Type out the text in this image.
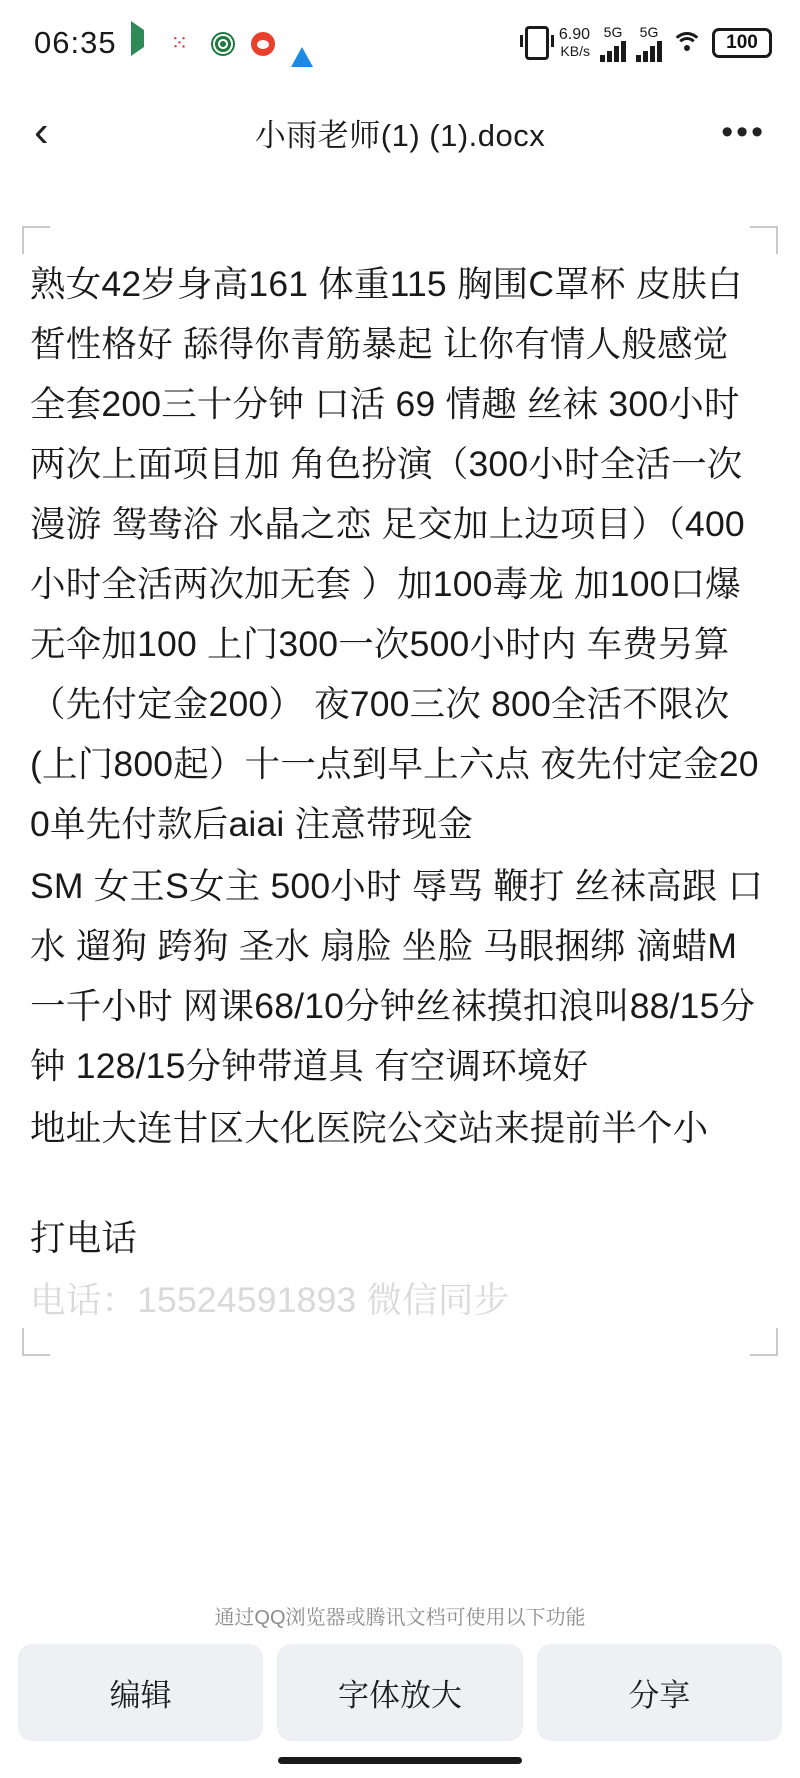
06:35	⁙	6.90
KB/s
5G 5G
100
‹	小雨老师(1) (1).docx	•••

熟女42岁身高161 体重115 胸围C罩杯 皮肤白皙性格好 舔得你青筋暴起 让你有情人般感觉 全套200三十分钟 口活 69 情趣 丝袜 300小时两次上面项目加 角色扮演（300小时全活一次漫游 鸳鸯浴 水晶之恋 足交加上边项目）（400小时全活两次加无套 ）加100毒龙 加100口爆 无伞加100 上门300一次500小时内 车费另算（先付定金200） 夜700三次 800全活不限次(上门800起）十一点到早上六点 夜先付定金200单先付款后aiai 注意带现金

SM 女王S女主 500小时 辱骂 鞭打 丝袜高跟 口水 遛狗 跨狗 圣水 扇脸 坐脸 马眼捆绑 滴蜡M一千小时 网课68/10分钟丝袜摸扣浪叫88/15分钟 128/15分钟带道具 有空调环境好

地址大连甘区大化医院公交站来提前半个小

打电话

电话：15524591893 微信同步

通过QQ浏览器或腾讯文档可使用以下功能
编辑	字体放大	分享
